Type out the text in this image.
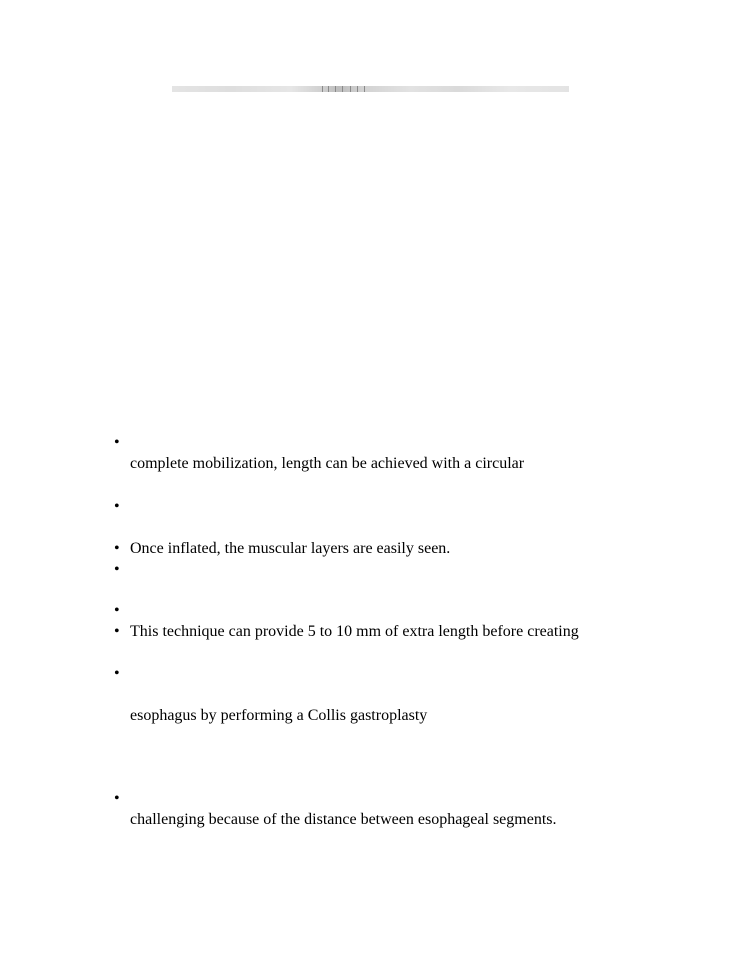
•
•
•
•
•
•
•
•
complete mobilization, length can be achieved with a circular
Once inflated, the muscular layers are easily seen.
This technique can provide 5 to 10 mm of extra length before creating
esophagus by performing a Collis gastroplasty
challenging because of the distance between esophageal segments.
